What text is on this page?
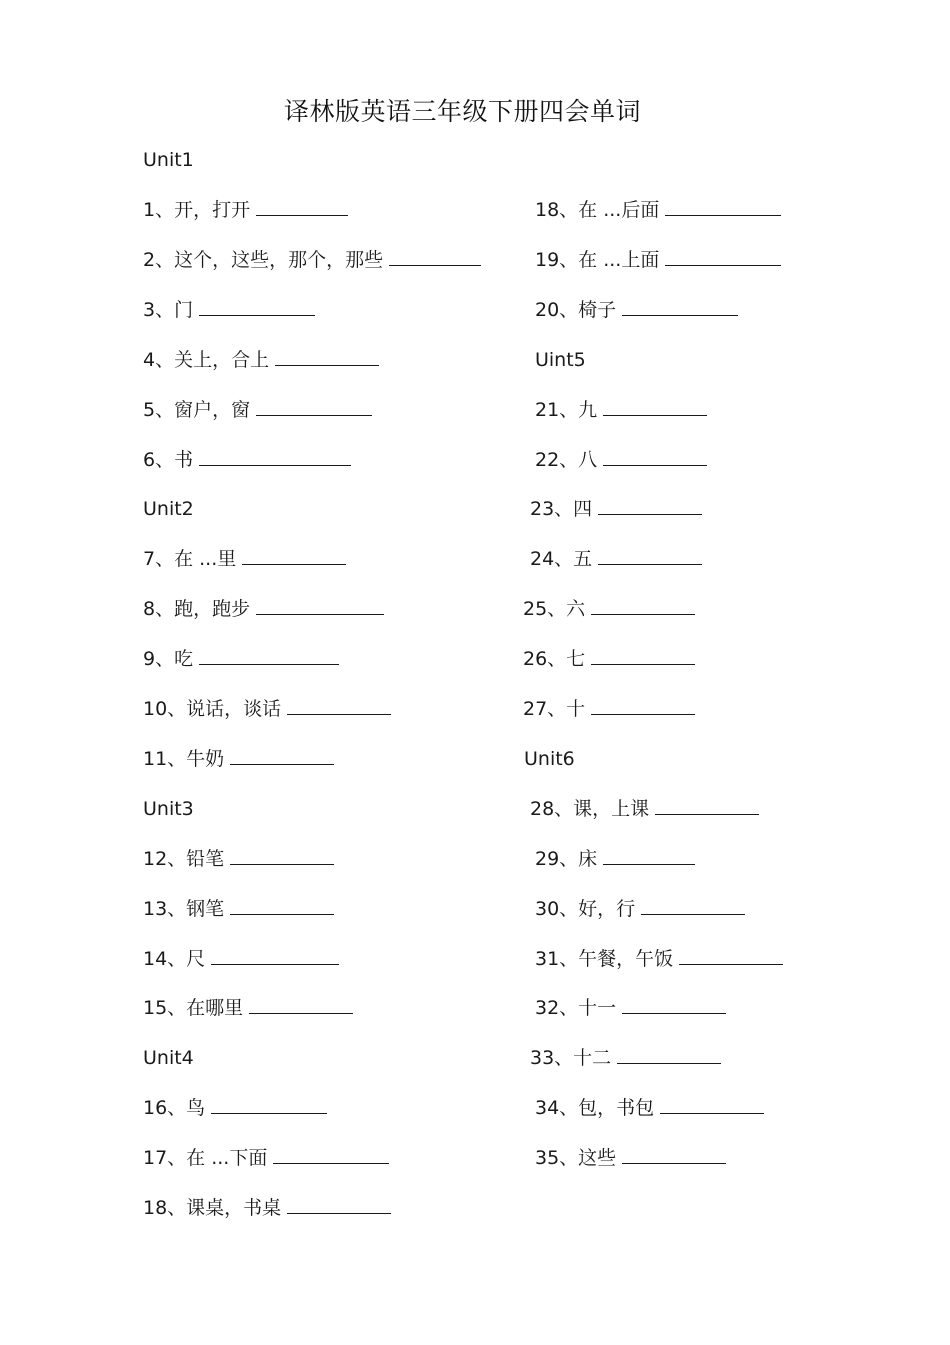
译林版英语三年级下册四会单词
Unit1
1、开，打开
2、这个，这些，那个，那些
3、门
4、关上，合上
5、窗户，窗
6、书
Unit2
7、在 ...里
8、跑，跑步
9、吃
10、说话，谈话
11、牛奶
Unit3
12、铅笔
13、钢笔
14、尺
15、在哪里
Unit4
16、鸟
17、在 ...下面
18、课桌，书桌
18、在 ...后面
19、在 ...上面
20、椅子
Uint5
21、九
22、八
23、四
24、五
25、六
26、七
27、十
Unit6
28、课，上课
29、床
30、好，行
31、午餐，午饭
32、十一
33、十二
34、包，书包
35、这些
